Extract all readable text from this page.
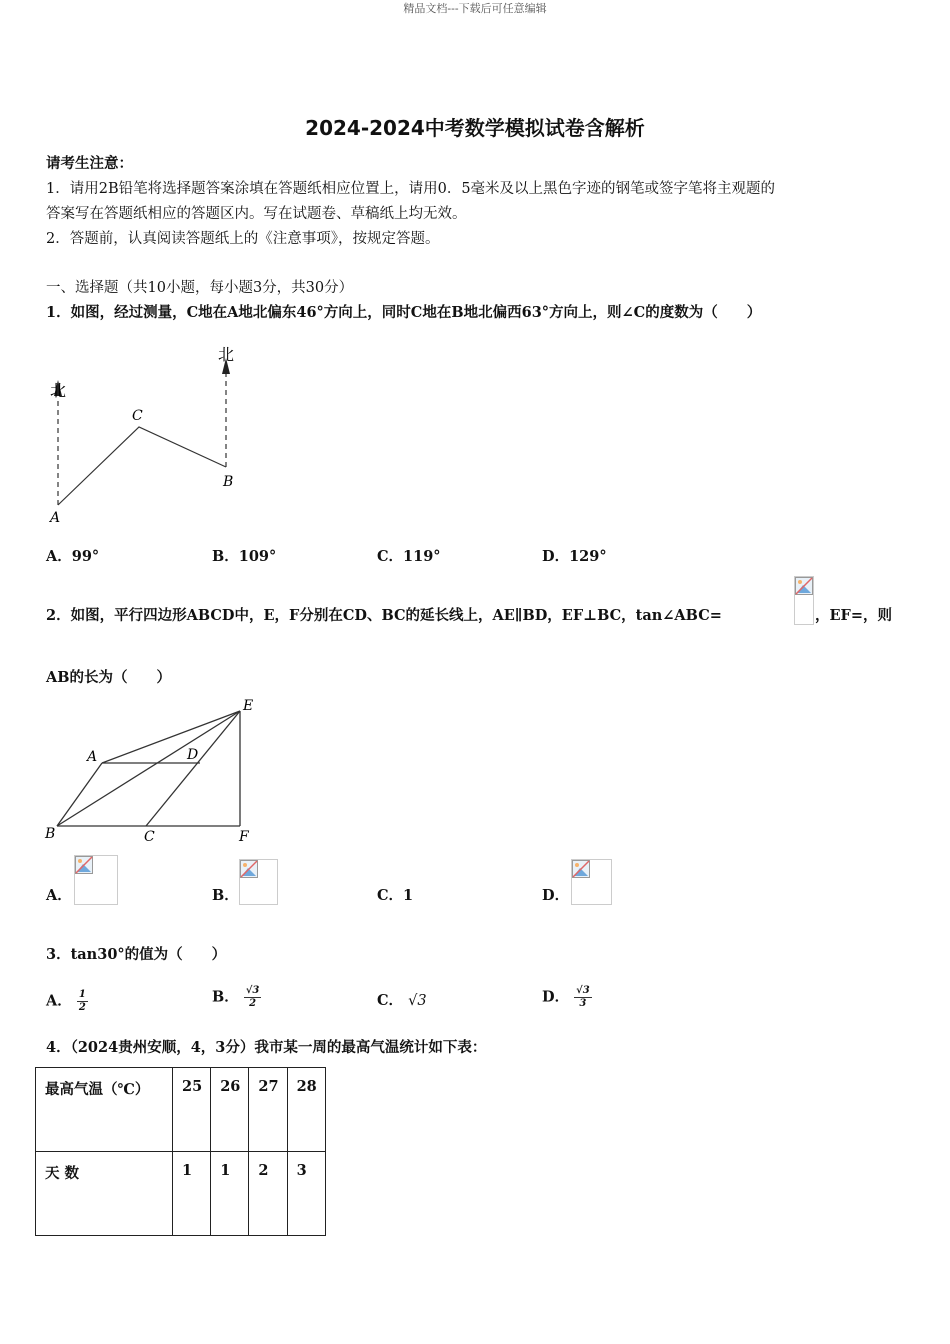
精品文档---下载后可任意编辑
2024-2024中考数学模拟试卷含解析
请考生注意：
1．请用2B铅笔将选择题答案涂填在答题纸相应位置上，请用0．5毫米及以上黑色字迹的钢笔或签字笔将主观题的
答案写在答题纸相应的答题区内。写在试题卷、草稿纸上均无效。
2．答题前，认真阅读答题纸上的《注意事项》，按规定答题。
一、选择题（共10小题，每小题3分，共30分）
1．如图，经过测量，C地在A地北偏东46°方向上，同时C地在B地北偏西63°方向上，则∠C的度数为（　　）
北
北
A
C
B
A．99°	B．109°	C．119°	D．129°
2．如图，平行四边形ABCD中，E，F分别在CD、BC的延长线上，AE∥BD，EF⊥BC，tan∠ABC=	，EF=，则
AB的长为（　　）
A
B	C
D
E
F
A．	B．	C．1	D．
3．tan30°的值为（　　）
A． $\frac{1}{2}$	B． $\frac{√3}{2}$	C． √3	D． $\frac{√3}{3}$
4．（2024贵州安顺，4，3分）我市某一周的最高气温统计如下表：
最高气温（℃）	25	26	27	28
天 数	1	1	2	3
